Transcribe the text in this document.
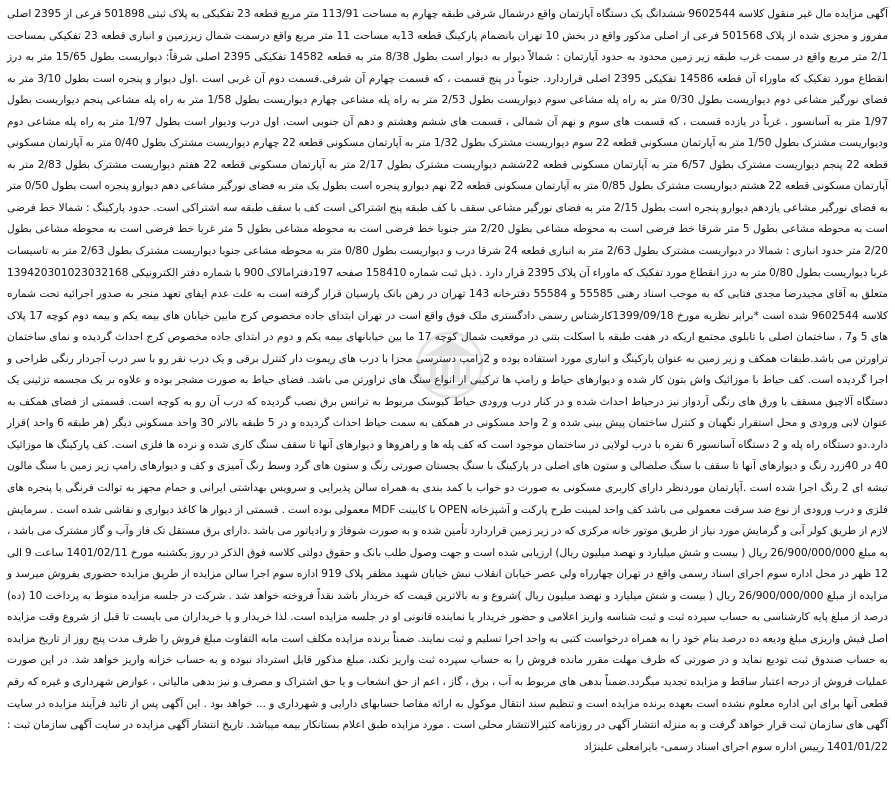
آگهی مزایده مال غیر منقول کلاسه 9602544 ششدانگ یک دستگاه آپارتمان واقع درشمال شرقی طبقه چهارم به مساحت 113/91 متر مربع قطعه 23 تفکیکی به پلاک ثبتی 501898 فرعی از 2395 اصلی مفروز و مجزی شده از پلاک 501568 فرعی از اصلی مذکور واقع در بخش 10 تهران بانضمام پارکینگ قطعه 13به مساحت 11 متر مربع واقع درسمت شمال زیرزمین و انباری قطعه 23 تفکیکی بمساحت 2/1 متر مربع واقع در سمت غرب طبقه زیر زمین محدود به حدود آپارتمان : شمالاً دیوار به دیوار است بطول 8/38 متر به قطعه 14582 تفکیکی 2395 اصلی شرقاً: دیواریست بطول 15/65 متر به درز انقطاع مورد تفکیک که ماوراء آن قطعه 14586 تفکیکی 2395 اصلی قراردارد. جنوباً در پنج قسمت ، که قسمت چهارم آن شرقی.قسمت دوم آن غربی است .اول دیوار و پنجره است بطول 3/10 متر به فضای نورگیر مشاعی دوم دیواریست بطول 0/30 متر به راه پله مشاعی سوم دیواریست بطول 2/53 متر به راه پله مشاعی چهارم دیواریست بطول 1/58 متر به راه پله مشاعی پنجم دیواریست بطول 1/97 متر به آسانسور . غرباً در یازده قسمت ، که قسمت های سوم و نهم آن شمالی ، قسمت های ششم وهشتم و دهم آن جنوبی است. اول درب ودیوار است بطول 1/97 متر به راه پله مشاعی دوم ودیواریست مشترک بطول 1/50 متر به آپارتمان مسکونی قطعه 22 سوم دیواریست مشترک بطول 1/32 متر به آپارتمان مسکونی قطعه 22 چهارم دیواریست مشترک بطول 0/40 متر به آپارتمان مسکونی قطعه 22 پنجم دیواریست مشترک بطول 6/57 متر به آپارتمان مسکونی قطعه 22ششم دیواریست مشترک بطول 2/17 متر به آپارتمان مسکونی قطعه 22 هفتم دیواریست مشترک بطول 2/83 متر به آپارتمان مسکونی قطعه 22 هشتم دیواریست مشترک بطول 0/85 متر به آپارتمان مسکونی قطعه 22 نهم دیوارو پنجره است بطول یک متر به فضای نورگیر مشاعی دهم دیوارو پنجره است بطول 0/50 متر به فضای نورگیر مشاعی یازدهم دیوارو پنجره است بطول 2/15 متر به فضای نورگیر مشاعی سقف با کف طبقه پنج اشتراکی است کف با سقف طبقه سه اشتراکی است. حدود پارکینگ : شمالا خط فرضی است به محوطه مشاعی بطول 5 متر شرقا خط فرضی است به محوطه مشاعی بطول 2/20 متر جنوبا خط فرضی است به محوطه مشاعی بطول 5 متر غربا خط فرضی است به محوطه مشاعی بطول 2/20 متر حدود انباری : شمالا در دیواریست مشترک بطول 2/63 متر به انباری قطعه 24 شرقا درب و دیواریست بطول 0/80 متر به محوطه مشاعی جنوبا دیواریست مشترک بطول 2/63 متر به تاسیسات غربا دیواریست بطول 0/80 متر به درز انقطاع مورد تفکیک که ماوراء آن پلاک 2395 قرار دارد . ذیل ثبت شماره 158410 صفحه 197دفترامالاک 900 با شماره دفتر الکترونیکی 139420301023032168 متعلق به آقای مجیدرضا مجدی فتابی که به موجب اسناد رهنی 55585 و 55584 دفترخانه 143 تهران در رهن بانک پارسیان قرار گرفته است به علت عدم ایفای تعهد منجر به صدور اجرائیه تحت شماره کلاسه 9602544 شده است *برابر نظریه مورخ 1399/09/18کارشناس رسمی دادگستری ملک فوق واقع است در تهران ابتدای جاده مخصوص کرج مابین خیابان های بیمه یکم و بیمه دوم کوچه 17 پلاک های 5 و7 ، ساختمان اصلی با تابلوی مجتمع اریکه در هفت طبقه با اسکلت بتنی در موقعیت شمال کوچه 17 ما بین خیابانهای بیمه یکم و دوم در ابتدای جاده مخصوص کرج احداث گردیده و نمای ساختمان تراورتن می باشد.طبقات همکف و زیر زمین به عنوان پارکینگ و انباری مورد استفاده بوده و 2رامپ دسترسی مجزا با درب های ریموت دار کنترل برقی و یک درب نفر رو با سر درب آجردار رنگی طراحی و اجرا گردیده است. کف حیاط با موزائیک واش بتون کار شده و دیوارهای حیاط و رامپ ها ترکیبی از انواع سنگ های تراورتن می باشد. فضای حیاط به صورت مشجر بوده و علاوه بر یک مجسمه تزئینی یک دستگاه آلاچیق مسقف با ورق های رنگی آردواز نیز درحیاط احداث شده و در کنار درب ورودی حیاط کیوسک مربوط به ترانس برق نصب گردیده که درب آن رو به کوچه است. قسمتی از فضای همکف به عنوان لابی ورودی و محل استقرار نگهبان و کنترل ساختمان پیش بینی شده و 2 واحد مسکونی در همکف به سمت حیاط احداث گردیده و در 5 طبقه بالاتر 30 واحد مسکونی دیگر (هر طبقه 6 واحد )قرار دارد.دو دستگاه راه پله و 2 دستگاه آسانسور 6 نفره با درب لولایی در ساختمان موجود است که کف پله ها و راهروها و دیوارهای آنها تا سقف سنگ کاری شده و نرده ها فلزی است. کف پارکینگ ها موزائیک 40 در 40زرد رنگ و دیوارهای آنها تا سقف با سنگ صلصالی و ستون های اصلی در پارکینگ با سنگ بجستان صورتی رنگ و ستون های گرد وسط رنگ آمیزی و کف و دیوارهای رامپ زیر زمین با سنگ مالون تیشه ای 2 رنگ اجرا شده است .آپارتمان موردنظر دارای کاربری مسکونی به صورت دو خواب با کمد بندی به همراه سالن پذیرایی و سرویس بهداشتی ایرانی و حمام مجهز به توالت فرنگی با پنجره های فلزی و درب ورودی از نوع ضد سرقت معمولی می باشد کف واحد لمینت طرح پارکت و آشپزخانه OPEN با کابینت MDF معمولی بوده است . قسمتی از دیوار ها کاغذ دیواری و نقاشی شده است . سرمایش لازم از طریق کولر آبی و گرمایش مورد نیاز از طریق موتور خانه مرکزی که در زیر زمین قراردارد تأمین شده و به صورت شوفاژ و رادیاتور می باشد .دارای برق مستقل تک فاز وآب و گاز مشترک می باشد ، به مبلغ 26/900/000/000 ریال ( بیست و شش میلیارد و نهصد میلیون ریال) ارزیابی شده است و جهت وصول طلب بانک و حقوق دولتی کلاسه فوق الذکر در روز یکشنبه مورخ 1401/02/11 ساعت 9 الی 12 ظهر در محل اداره سوم اجرای اسناد رسمی واقع در تهران چهارراه ولی عصر خیابان انقلاب نبش خیابان شهید مظفر پلاک 919 اداره سوم اجرا سالن مزایده از طریق مزایده حضوری بفروش میرسد و مزایده از مبلغ 26/900/000/000 ریال ( بیست و شش میلیارد و نهصد میلیون ریال )شروع و به بالاترین قیمت که خریدار باشد نقداً فروخته خواهد شد . شرکت در جلسه مزایده منوط به پرداخت 10 (ده) درصد از مبلغ پایه کارشناسی به حساب سپرده ثبت و ثبت شناسه واریز اعلامی و حضور خریدار یا نماینده قانونی او در جلسه مزایده است. لذا خریدار و یا خریداران می بایست تا قبل از شروع وقت مزایده اصل فیش واریزی مبلغ ودیعه ده درصد بنام خود را به همراه درخواست کتبی به واحد اجرا تسلیم و ثبت نمایند. ضمناً برنده مزایده مکلف است مابه التفاوت مبلغ فروش را ظرف مدت پنج روز از تاریخ مزایده به حساب صندوق ثبت تودیع نماید و در صورتی که ظرف مهلت مقرر مانده فروش را به حساب سپرده ثبت واریز نکند، مبلغ مذکور قابل استرداد نبوده و به حساب خزانه واریز خواهد شد. در این صورت عملیات فروش از درجه اعتبار ساقط و مزایده تجدید میگردد.ضمناً بدهی های مربوط به آب ، برق ، گاز ، اعم از حق انشعاب و یا حق اشتراک و مصرف و نیز بدهی مالیاتی ، عوارض شهرداری و غیره که رقم قطعی آنها برای این اداره معلوم نشده است بعهده برنده مزایده است و تنظیم سند انتقال موکول به ارائه مفاصا حسابهای دارایی و شهرداری و ... خواهد بود . این آگهی پس از تائید فرآیند مزایده در سایت آگهی های سازمان ثبت قرار خواهد گرفت و به منزله انتشار آگهی در روزنامه کثیرالانتشار محلی است . مورد مزایده طبق اعلام بستانکار بیمه میباشد. تاریخ انتشار آگهی مزایده در سایت آگهی سازمان ثبت : 1401/01/22 رییس اداره سوم اجرای اسناد رسمی- بایرامعلی علینژاد
